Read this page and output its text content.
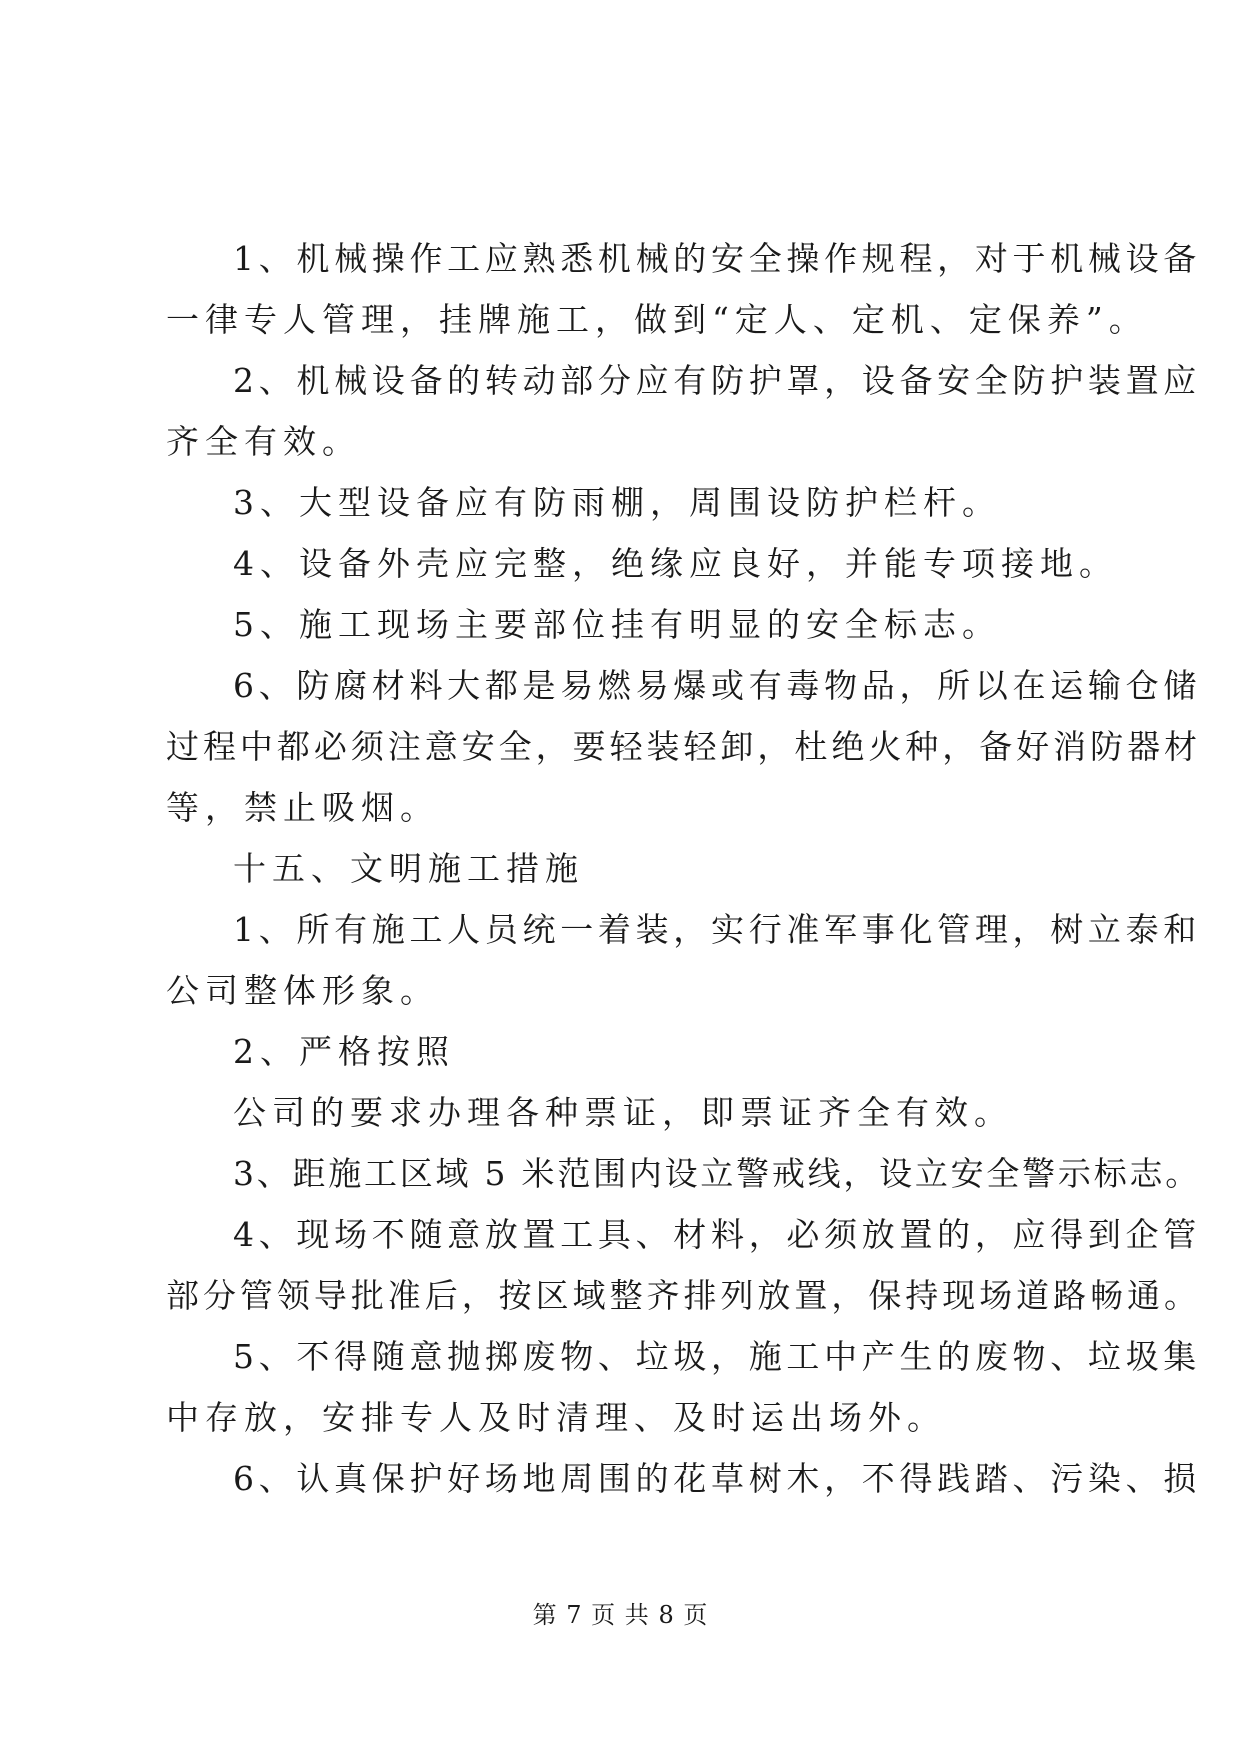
1、机械操作工应熟悉机械的安全操作规程，对于机械设备
一律专人管理，挂牌施工，做到“定人、定机、定保养”。
2、机械设备的转动部分应有防护罩，设备安全防护装置应
齐全有效。
3、大型设备应有防雨棚，周围设防护栏杆。
4、设备外壳应完整，绝缘应良好，并能专项接地。
5、施工现场主要部位挂有明显的安全标志。
6、防腐材料大都是易燃易爆或有毒物品，所以在运输仓储
过程中都必须注意安全，要轻装轻卸，杜绝火种，备好消防器材
等，禁止吸烟。
十五、文明施工措施
1、所有施工人员统一着装，实行准军事化管理，树立泰和
公司整体形象。
2、严格按照
公司的要求办理各种票证，即票证齐全有效。
3、距施工区域 5 米范围内设立警戒线，设立安全警示标志。
4、现场不随意放置工具、材料，必须放置的，应得到企管
部分管领导批准后，按区域整齐排列放置，保持现场道路畅通。
5、不得随意抛掷废物、垃圾，施工中产生的废物、垃圾集
中存放，安排专人及时清理、及时运出场外。
6、认真保护好场地周围的花草树木，不得践踏、污染、损
第 7 页 共 8 页
